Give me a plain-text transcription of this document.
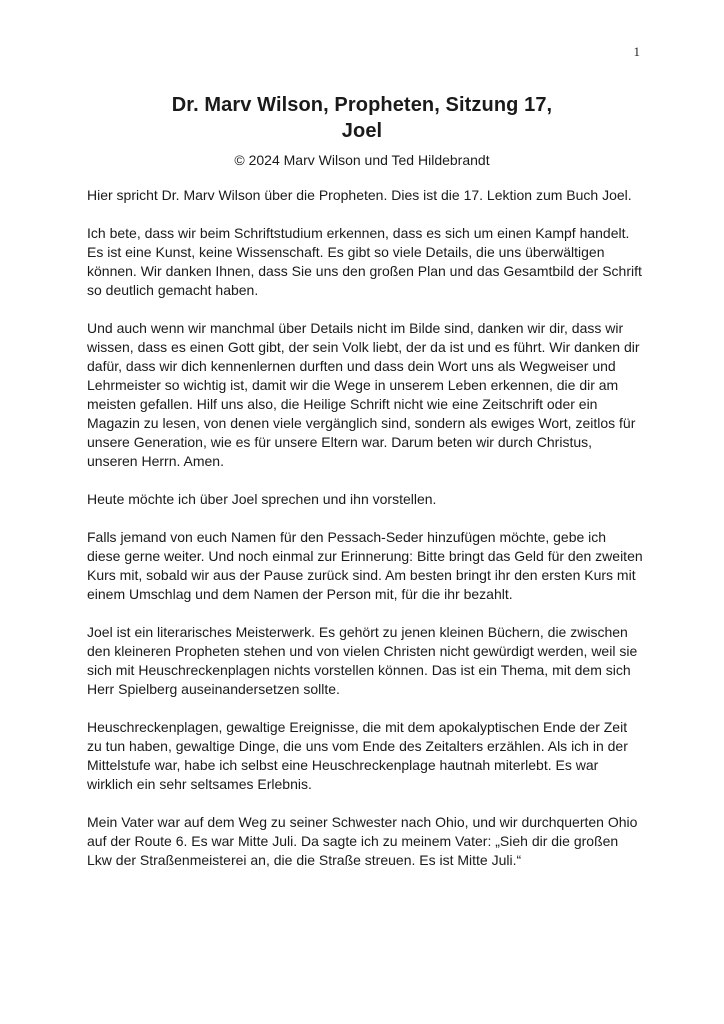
1
Dr. Marv Wilson, Propheten, Sitzung 17,
Joel
© 2024 Marv Wilson und Ted Hildebrandt

Hier spricht Dr. Marv Wilson über die Propheten. Dies ist die 17. Lektion zum Buch Joel.

Ich bete, dass wir beim Schriftstudium erkennen, dass es sich um einen Kampf handelt. Es ist eine Kunst, keine Wissenschaft. Es gibt so viele Details, die uns überwältigen können. Wir danken Ihnen, dass Sie uns den großen Plan und das Gesamtbild der Schrift so deutlich gemacht haben.

Und auch wenn wir manchmal über Details nicht im Bilde sind, danken wir dir, dass wir wissen, dass es einen Gott gibt, der sein Volk liebt, der da ist und es führt. Wir danken dir dafür, dass wir dich kennenlernen durften und dass dein Wort uns als Wegweiser und Lehrmeister so wichtig ist, damit wir die Wege in unserem Leben erkennen, die dir am meisten gefallen. Hilf uns also, die Heilige Schrift nicht wie eine Zeitschrift oder ein Magazin zu lesen, von denen viele vergänglich sind, sondern als ewiges Wort, zeitlos für unsere Generation, wie es für unsere Eltern war. Darum beten wir durch Christus, unseren Herrn. Amen.

Heute möchte ich über Joel sprechen und ihn vorstellen.

Falls jemand von euch Namen für den Pessach-Seder hinzufügen möchte, gebe ich diese gerne weiter. Und noch einmal zur Erinnerung: Bitte bringt das Geld für den zweiten Kurs mit, sobald wir aus der Pause zurück sind. Am besten bringt ihr den ersten Kurs mit einem Umschlag und dem Namen der Person mit, für die ihr bezahlt.

Joel ist ein literarisches Meisterwerk. Es gehört zu jenen kleinen Büchern, die zwischen den kleineren Propheten stehen und von vielen Christen nicht gewürdigt werden, weil sie sich mit Heuschreckenplagen nichts vorstellen können. Das ist ein Thema, mit dem sich Herr Spielberg auseinandersetzen sollte.

Heuschreckenplagen, gewaltige Ereignisse, die mit dem apokalyptischen Ende der Zeit zu tun haben, gewaltige Dinge, die uns vom Ende des Zeitalters erzählen. Als ich in der Mittelstufe war, habe ich selbst eine Heuschreckenplage hautnah miterlebt. Es war wirklich ein sehr seltsames Erlebnis.

Mein Vater war auf dem Weg zu seiner Schwester nach Ohio, und wir durchquerten Ohio auf der Route 6. Es war Mitte Juli. Da sagte ich zu meinem Vater: „Sieh dir die großen Lkw der Straßenmeisterei an, die die Straße streuen. Es ist Mitte Juli.“
